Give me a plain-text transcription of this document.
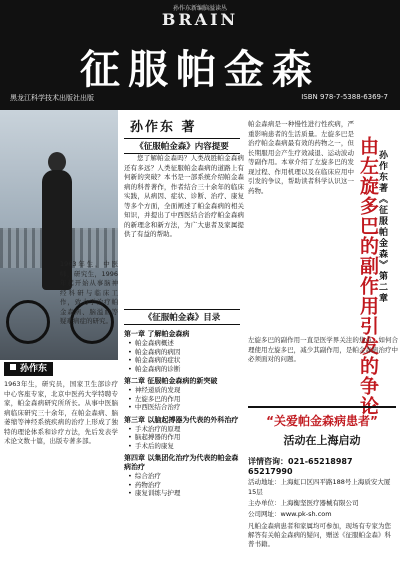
孙作东新编脑溢读丛
BRAIN
征服帕金森
黑龙江科学技术出版社出版	ISBN 978-7-5388-6369-7
孙作东 著
1963年生，中医师，研究生，1996年起开始从事脑神经科研与临床工作，致力于治疗帕金森病、脑溢血等疑难病症的研究。
孙作东
1963年生，研究员，国家卫生部诊疗中心客座专家，北京中医药大学特聘专家，帕金森病研究所所长。从事中医脑病临床研究三十余年，在帕金森病、脑萎缩等神经系统疾病的治疗上形成了独特的理论体系和诊疗方法，先后发表学术论文数十篇，出版专著多部。
《征服帕金森》内容提要
您了解帕金森吗？人类战胜帕金森病还有多远？人类征服帕金森病的道路上有何新的突破？本书是一部系统介绍帕金森病的科普著作，作者结合三十余年的临床实践，从病因、症状、诊断、治疗、康复等多个方面，全面阐述了帕金森病的相关知识，并提出了中西医结合治疗帕金森病的新理念和新方法，为广大患者及家属提供了有益的帮助。
《征服帕金森》目录
第一章 了解帕金森病
• 帕金森病概述
• 帕金森病的病因
• 帕金森病的症状
• 帕金森病的诊断
第二章 征服帕金森病的新突破
• 神经递质的发现
• 左旋多巴的作用
• 中西医结合治疗
第三章 以脑起搏器为代表的外科治疗
• 手术治疗的原理
• 脑起搏器的作用
• 手术后的康复
第四章 以集团化治疗为代表的帕金森病治疗
• 综合治疗
• 药物治疗
• 康复训练与护理
帕金森病是一种慢性进行性疾病，严重影响患者的生活质量。左旋多巴是治疗帕金森病最有效的药物之一，但长期服用会产生疗效减退、运动波动等副作用。本章介绍了左旋多巴的发现过程、作用机理以及在临床应用中引发的争议，帮助读者科学认识这一药物。	由左旋多巴的副作用引发的争论
孙作东著《征服帕金森》第二章
左旋多巴的副作用一直是医学界关注的焦点。如何合理使用左旋多巴，减少其副作用，是帕金森病治疗中必须面对的问题。
“关爱帕金森病患者”
活动在上海启动
详情咨询：021-65218987 65217990
活动地址：上海虹口区四平路188号上海质安大厦15层
主办单位：上海衡坚医疗器械有限公司
公司网址：www.pk-sh.com
凡帕金森病患者和家属均可参加，现场有专家为您解答有关帕金森病的疑问，赠送《征服帕金森》科普书籍。
